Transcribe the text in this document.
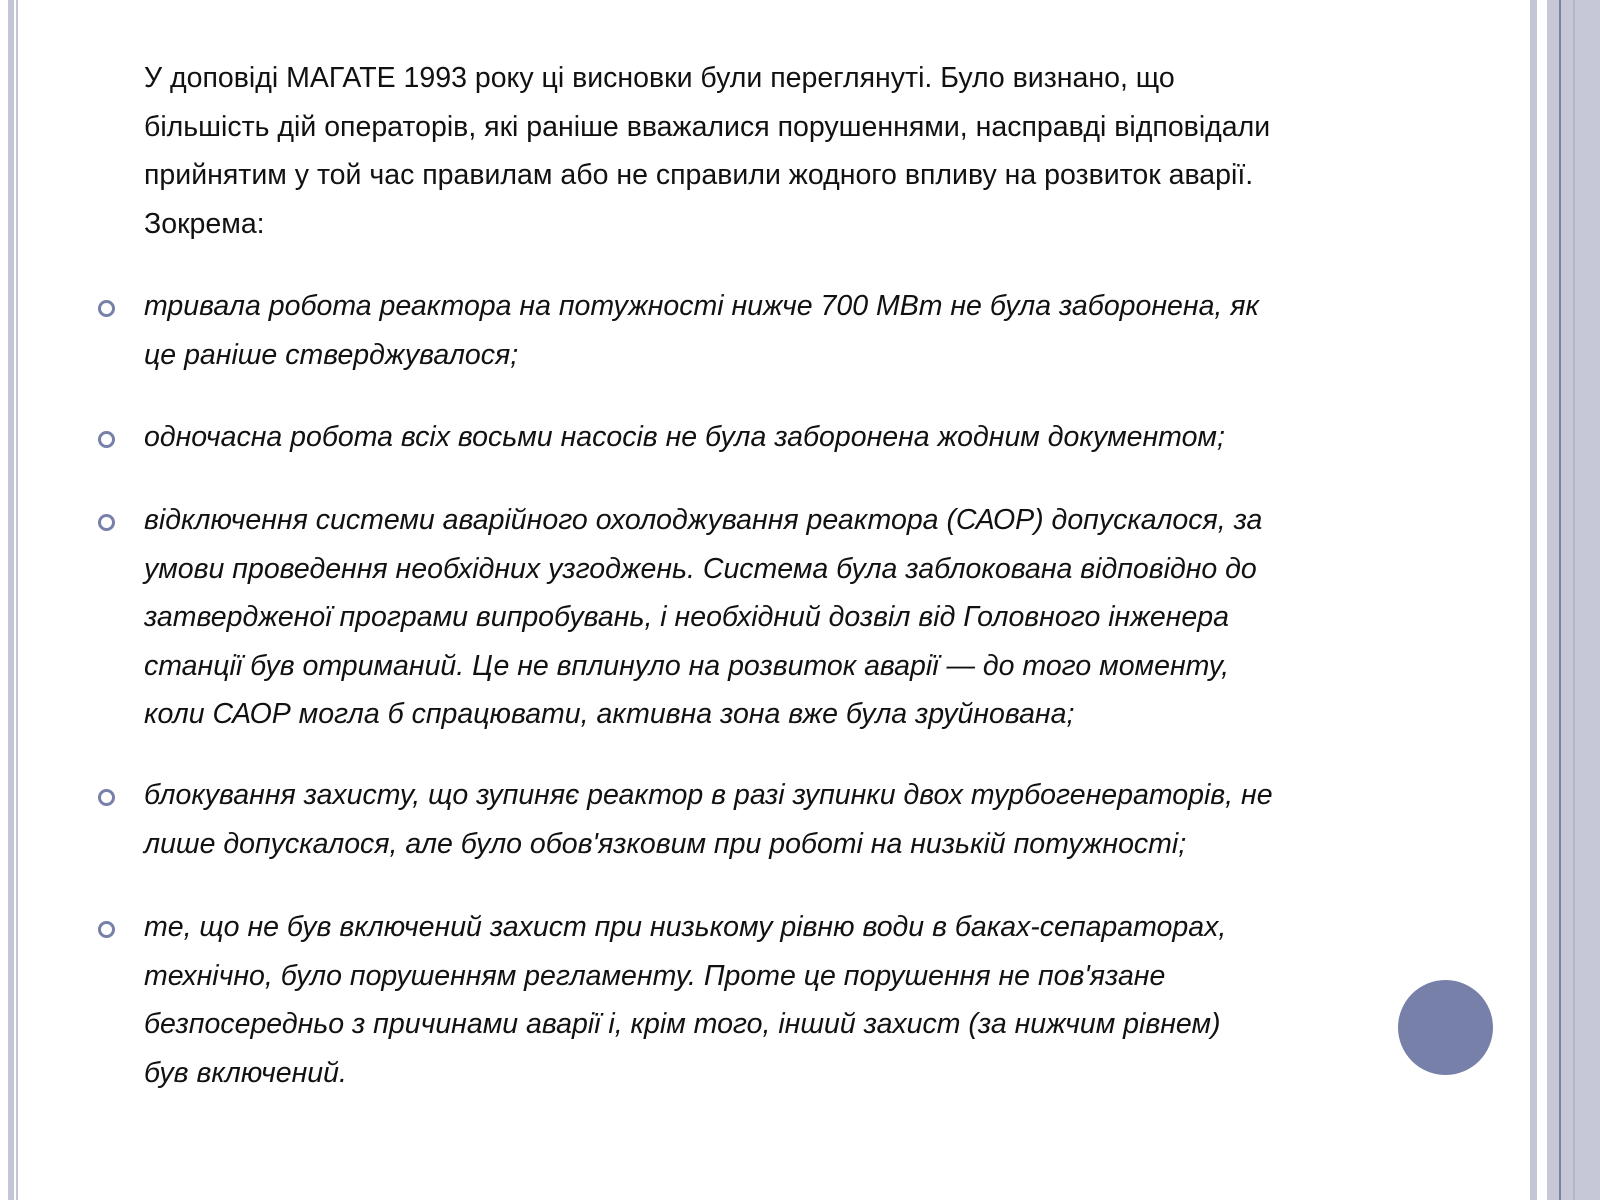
У доповіді МАГАТЕ 1993 року ці висновки були переглянуті. Було визнано, що
більшість дій операторів, які раніше вважалися порушеннями, насправді відповідали
прийнятим у той час правилам або не справили жодного впливу на розвиток аварії.
Зокрема:
тривала робота реактора на потужності нижче 700 МВт не була заборонена, як
це раніше стверджувалося;
одночасна робота всіх восьми насосів не була заборонена жодним документом;
відключення системи аварійного охолоджування реактора (САОР) допускалося, за
умови проведення необхідних узгоджень. Система була заблокована відповідно до
затвердженої програми випробувань, і необхідний дозвіл від Головного інженера
станції був отриманий. Це не вплинуло на розвиток аварії — до того моменту,
коли САОР могла б спрацювати, активна зона вже була зруйнована;
блокування захисту, що зупиняє реактор в разі зупинки двох турбогенераторів, не
лише допускалося, але було обов'язковим при роботі на низькій потужності;
те, що не був включений захист при низькому рівню води в баках-сепараторах,
технічно, було порушенням регламенту. Проте це порушення не пов'язане
безпосередньо з причинами аварії і, крім того, інший захист (за нижчим рівнем)
був включений.
